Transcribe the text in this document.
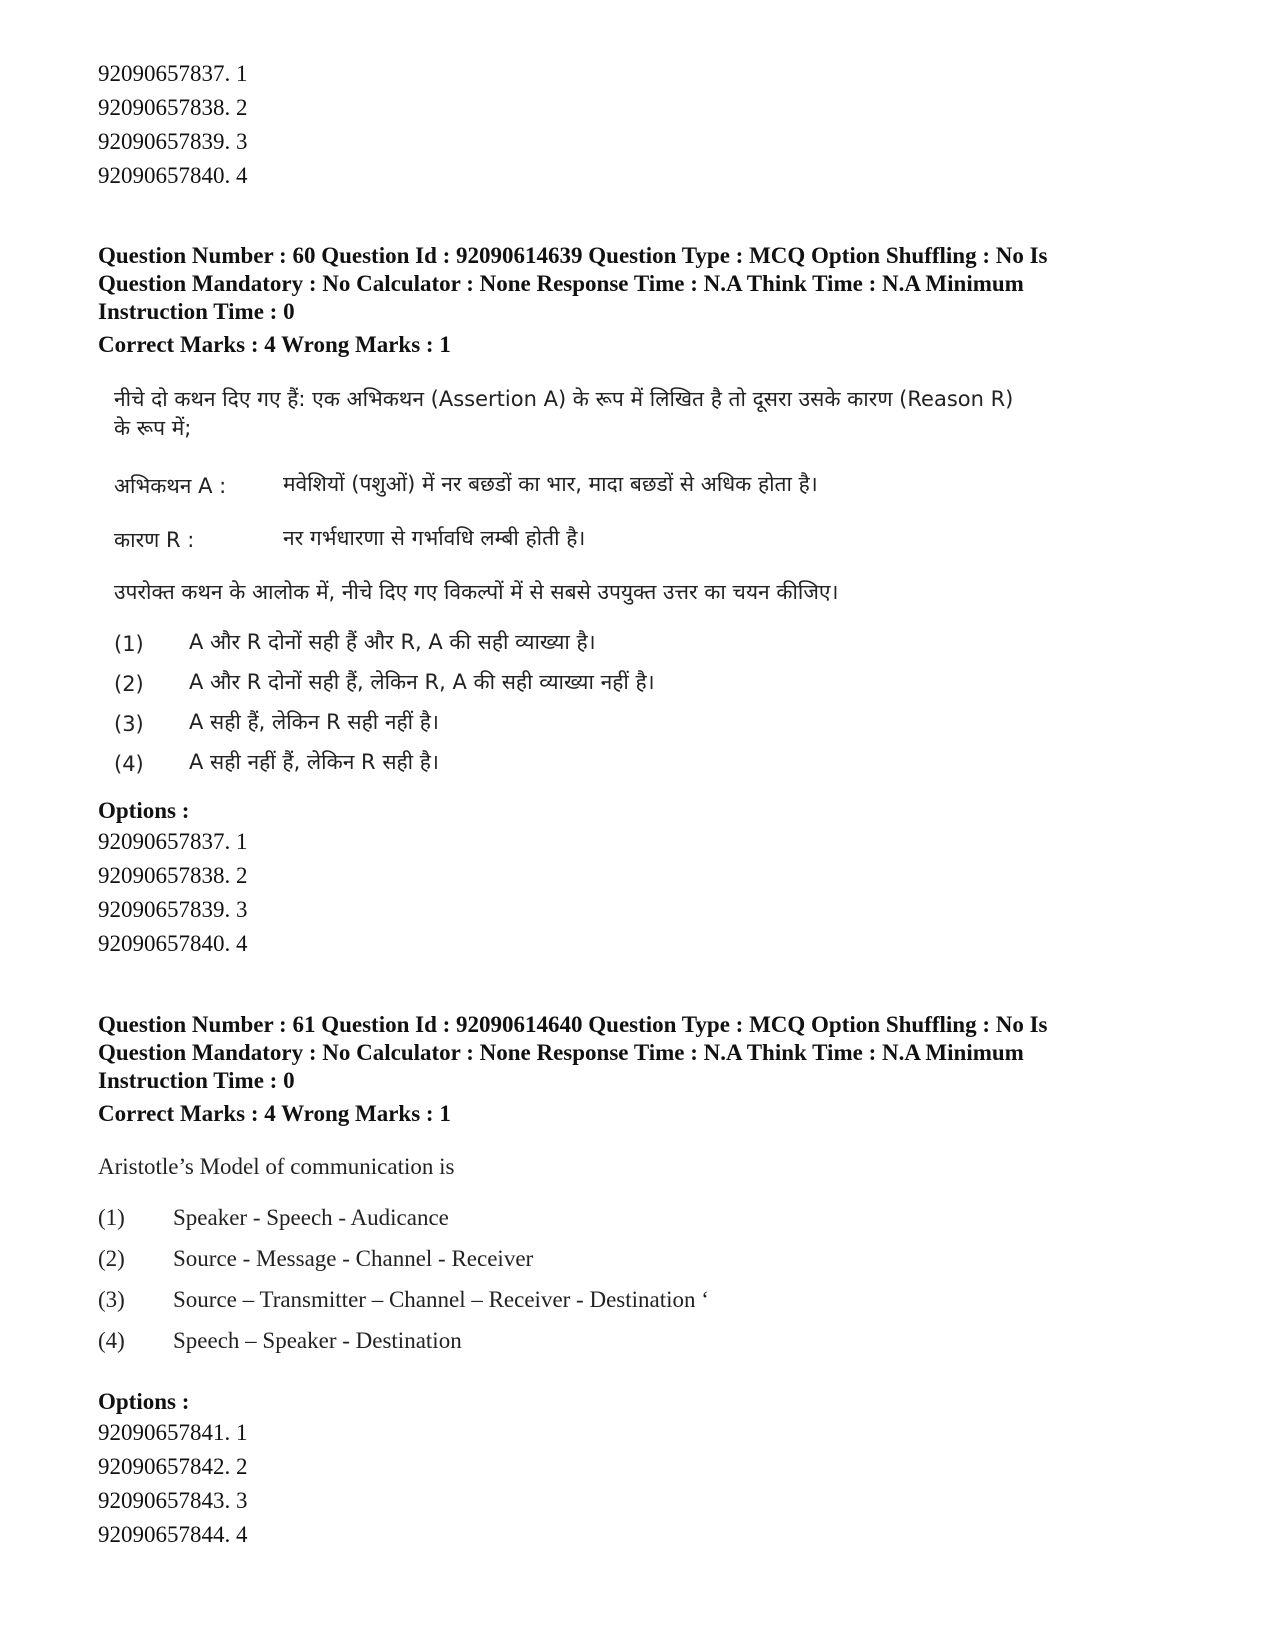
92090657837. 1
92090657838. 2
92090657839. 3
92090657840. 4
Question Number : 60 Question Id : 92090614639 Question Type : MCQ Option Shuffling : No Is
Question Mandatory : No Calculator : None Response Time : N.A Think Time : N.A Minimum
Instruction Time : 0
Correct Marks : 4 Wrong Marks : 1
नीचे दो कथन दिए गए हैं: एक अभिकथन (Assertion A) के रूप में लिखित है तो दूसरा उसके कारण (Reason R)
के रूप में;
अभिकथन A :	मवेशियों (पशुओं) में नर बछडों का भार, मादा बछडों से अधिक होता है।
कारण R :	नर गर्भधारणा से गर्भावधि लम्बी होती है।
उपरोक्त कथन के आलोक में, नीचे दिए गए विकल्पों में से सबसे उपयुक्त उत्तर का चयन कीजिए।
(1)	A और R दोनों सही हैं और R, A की सही व्याख्या है।
(2)	A और R दोनों सही हैं, लेकिन R, A की सही व्याख्या नहीं है।
(3)	A सही हैं, लेकिन R सही नहीं है।
(4)	A सही नहीं हैं, लेकिन R सही है।
Options :
92090657837. 1
92090657838. 2
92090657839. 3
92090657840. 4
Question Number : 61 Question Id : 92090614640 Question Type : MCQ Option Shuffling : No Is
Question Mandatory : No Calculator : None Response Time : N.A Think Time : N.A Minimum
Instruction Time : 0
Correct Marks : 4 Wrong Marks : 1
Aristotle’s Model of communication is
(1)	Speaker - Speech - Audicance
(2)	Source - Message - Channel - Receiver
(3)	Source – Transmitter – Channel – Receiver - Destination ‘
(4)	Speech – Speaker - Destination
Options :
92090657841. 1
92090657842. 2
92090657843. 3
92090657844. 4
